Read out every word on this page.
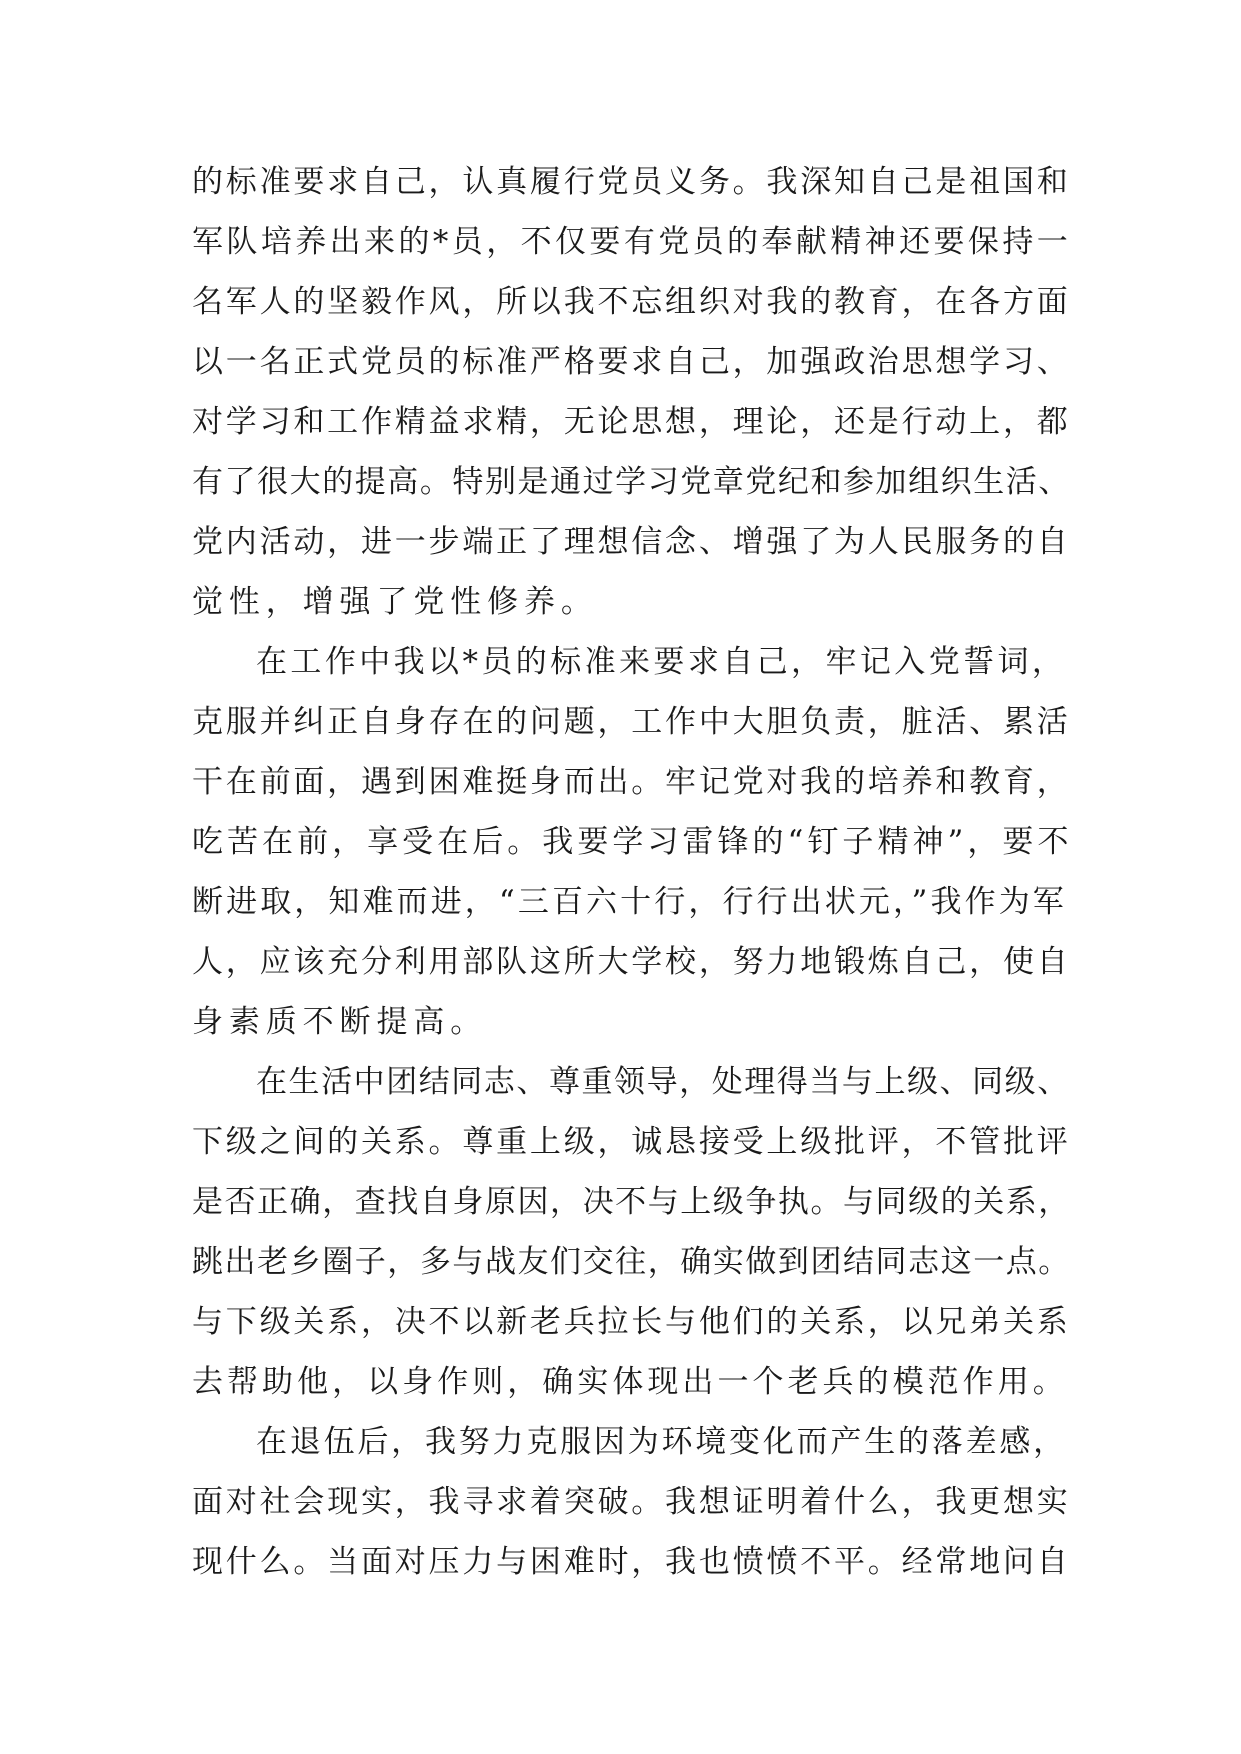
的标准要求自己，认真履行党员义务。我深知自己是祖国和
军队培养出来的*员，不仅要有党员的奉献精神还要保持一
名军人的坚毅作风，所以我不忘组织对我的教育，在各方面
以一名正式党员的标准严格要求自己，加强政治思想学习、
对学习和工作精益求精，无论思想，理论，还是行动上，都
有了很大的提高。特别是通过学习党章党纪和参加组织生活、
党内活动，进一步端正了理想信念、增强了为人民服务的自
觉性，增强了党性修养。
在工作中我以*员的标准来要求自己，牢记入党誓词，
克服并纠正自身存在的问题，工作中大胆负责，脏活、累活
干在前面，遇到困难挺身而出。牢记党对我的培养和教育，
吃苦在前，享受在后。我要学习雷锋的“钉子精神”，要不
断进取，知难而进，“三百六十行，行行出状元，”我作为军
人，应该充分利用部队这所大学校，努力地锻炼自己，使自
身素质不断提高。
在生活中团结同志、尊重领导，处理得当与上级、同级、
下级之间的关系。尊重上级，诚恳接受上级批评，不管批评
是否正确，查找自身原因，决不与上级争执。与同级的关系，
跳出老乡圈子，多与战友们交往，确实做到团结同志这一点。
与下级关系，决不以新老兵拉长与他们的关系，以兄弟关系
去帮助他，以身作则，确实体现出一个老兵的模范作用。
在退伍后，我努力克服因为环境变化而产生的落差感，
面对社会现实，我寻求着突破。我想证明着什么，我更想实
现什么。当面对压力与困难时，我也愤愤不平。经常地问自
